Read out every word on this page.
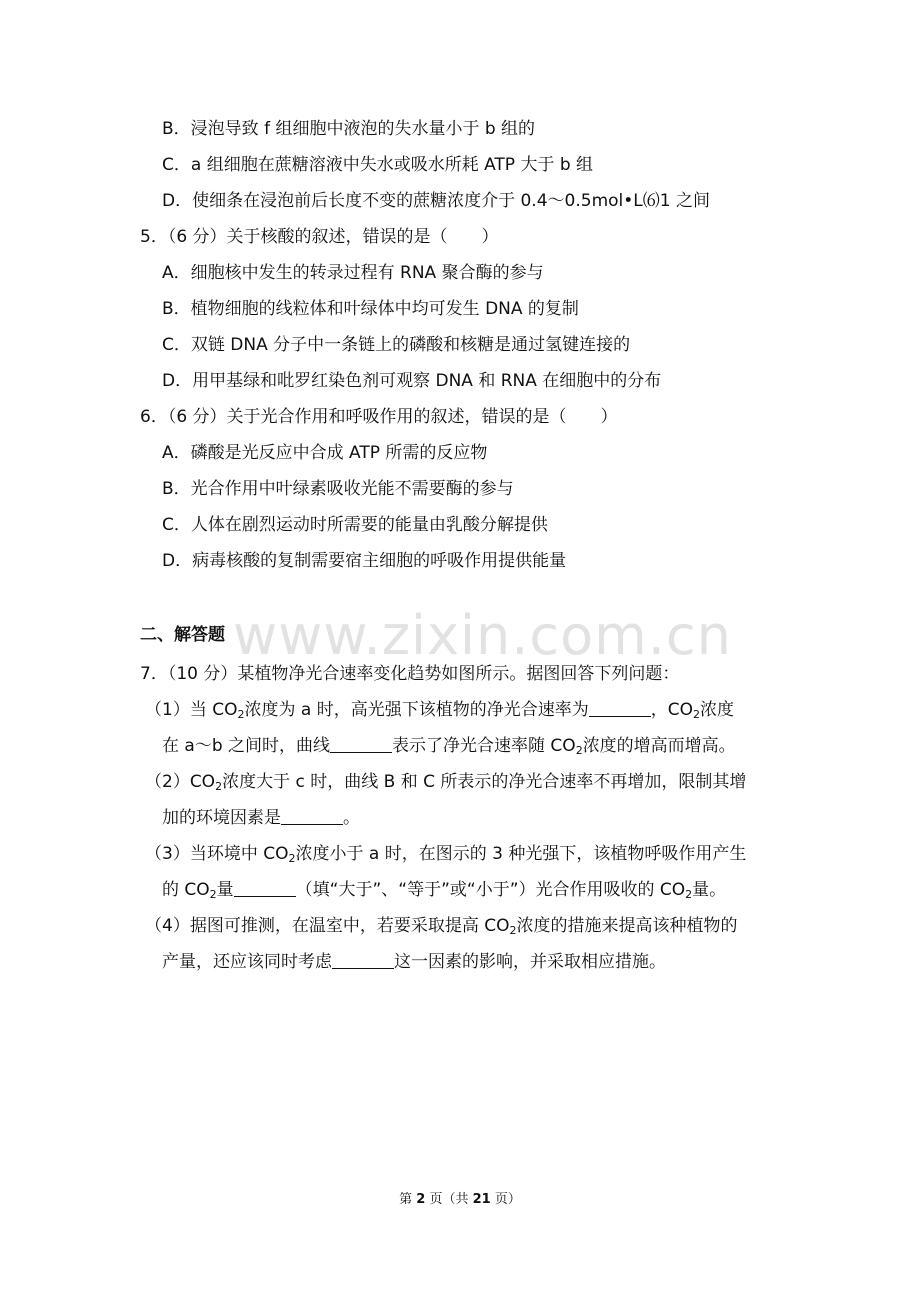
www.zixin.com.cn
B．浸泡导致 f 组细胞中液泡的失水量小于 b 组的
C．a 组细胞在蔗糖溶液中失水或吸水所耗 ATP 大于 b 组
D．使细条在浸泡前后长度不变的蔗糖浓度介于 0.4～0.5mol•L⑹1 之间
5．（6 分）关于核酸的叙述，错误的是（　　）
A．细胞核中发生的转录过程有 RNA 聚合酶的参与
B．植物细胞的线粒体和叶绿体中均可发生 DNA 的复制
C．双链 DNA 分子中一条链上的磷酸和核糖是通过氢键连接的
D．用甲基绿和吡罗红染色剂可观察 DNA 和 RNA 在细胞中的分布
6．（6 分）关于光合作用和呼吸作用的叙述，错误的是（　　）
A．磷酸是光反应中合成 ATP 所需的反应物
B．光合作用中叶绿素吸收光能不需要酶的参与
C．人体在剧烈运动时所需要的能量由乳酸分解提供
D．病毒核酸的复制需要宿主细胞的呼吸作用提供能量
二、解答题
7．（10 分）某植物净光合速率变化趋势如图所示。据图回答下列问题：
（1）当 $CO_2$浓度为 a 时，高光强下该植物的净光合速率为	，$CO_2$浓度
在 a～b 之间时，曲线	表示了净光合速率随 $CO_2$浓度的增高而增高。
$(2)CO_2$浓度大于 c 时，曲线 B 和 C 所表示的净光合速率不再增加，限制其增
加的环境因素是	。
（3）当环境中 $CO_2$浓度小于 a 时，在图示的 3 种光强下，该植物呼吸作用产生
的 $CO_2$量	（填“大于”、“等于”或“小于”）光合作用吸收的 $CO_2$量。
（4）据图可推测，在温室中，若要采取提高 $CO_2$浓度的措施来提高该种植物的
产量，还应该同时考虑	这一因素的影响，并采取相应措施。
第 2 页（共 21 页）
